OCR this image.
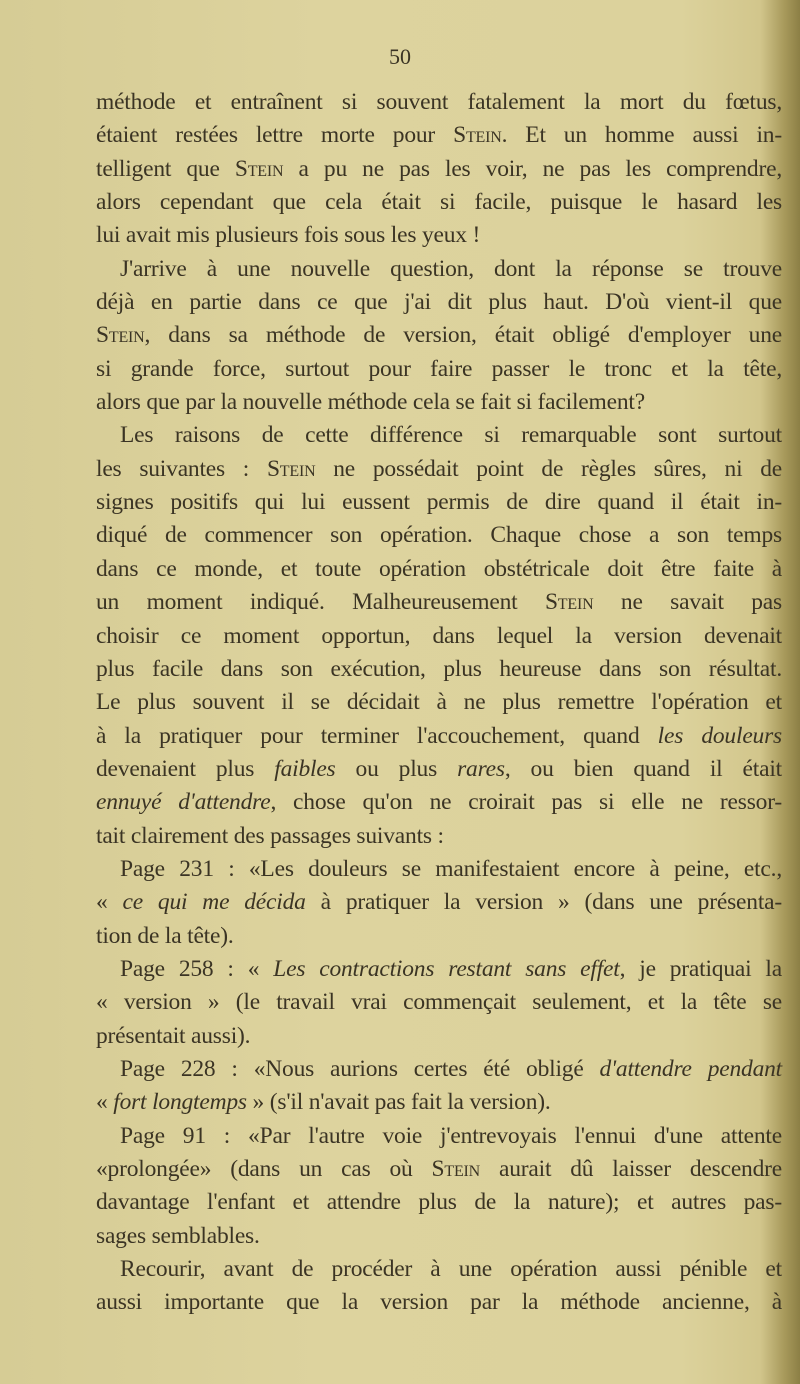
50
méthode et entraînent si souvent fatalement la mort du fœtus,
étaient restées lettre morte pour Stein. Et un homme aussi in-
telligent que Stein a pu ne pas les voir, ne pas les comprendre,
alors cependant que cela était si facile, puisque le hasard les
lui avait mis plusieurs fois sous les yeux !
J'arrive à une nouvelle question, dont la réponse se trouve
déjà en partie dans ce que j'ai dit plus haut. D'où vient-il que
Stein, dans sa méthode de version, était obligé d'employer une
si grande force, surtout pour faire passer le tronc et la tête,
alors que par la nouvelle méthode cela se fait si facilement?
Les raisons de cette différence si remarquable sont surtout
les suivantes : Stein ne possédait point de règles sûres, ni de
signes positifs qui lui eussent permis de dire quand il était in-
diqué de commencer son opération. Chaque chose a son temps
dans ce monde, et toute opération obstétricale doit être faite à
un moment indiqué. Malheureusement Stein ne savait pas
choisir ce moment opportun, dans lequel la version devenait
plus facile dans son exécution, plus heureuse dans son résultat.
Le plus souvent il se décidait à ne plus remettre l'opération et
à la pratiquer pour terminer l'accouchement, quand les douleurs
devenaient plus faibles ou plus rares, ou bien quand il était
ennuyé d'attendre, chose qu'on ne croirait pas si elle ne ressor-
tait clairement des passages suivants :
Page 231 : «Les douleurs se manifestaient encore à peine, etc.,
« ce qui me décida à pratiquer la version » (dans une présenta-
tion de la tête).
Page 258 : « Les contractions restant sans effet, je pratiquai la
« version » (le travail vrai commençait seulement, et la tête se
présentait aussi).
Page 228 : «Nous aurions certes été obligé d'attendre pendant
« fort longtemps » (s'il n'avait pas fait la version).
Page 91 : «Par l'autre voie j'entrevoyais l'ennui d'une attente
«prolongée» (dans un cas où Stein aurait dû laisser descendre
davantage l'enfant et attendre plus de la nature); et autres pas-
sages semblables.
Recourir, avant de procéder à une opération aussi pénible et
aussi importante que la version par la méthode ancienne, à
